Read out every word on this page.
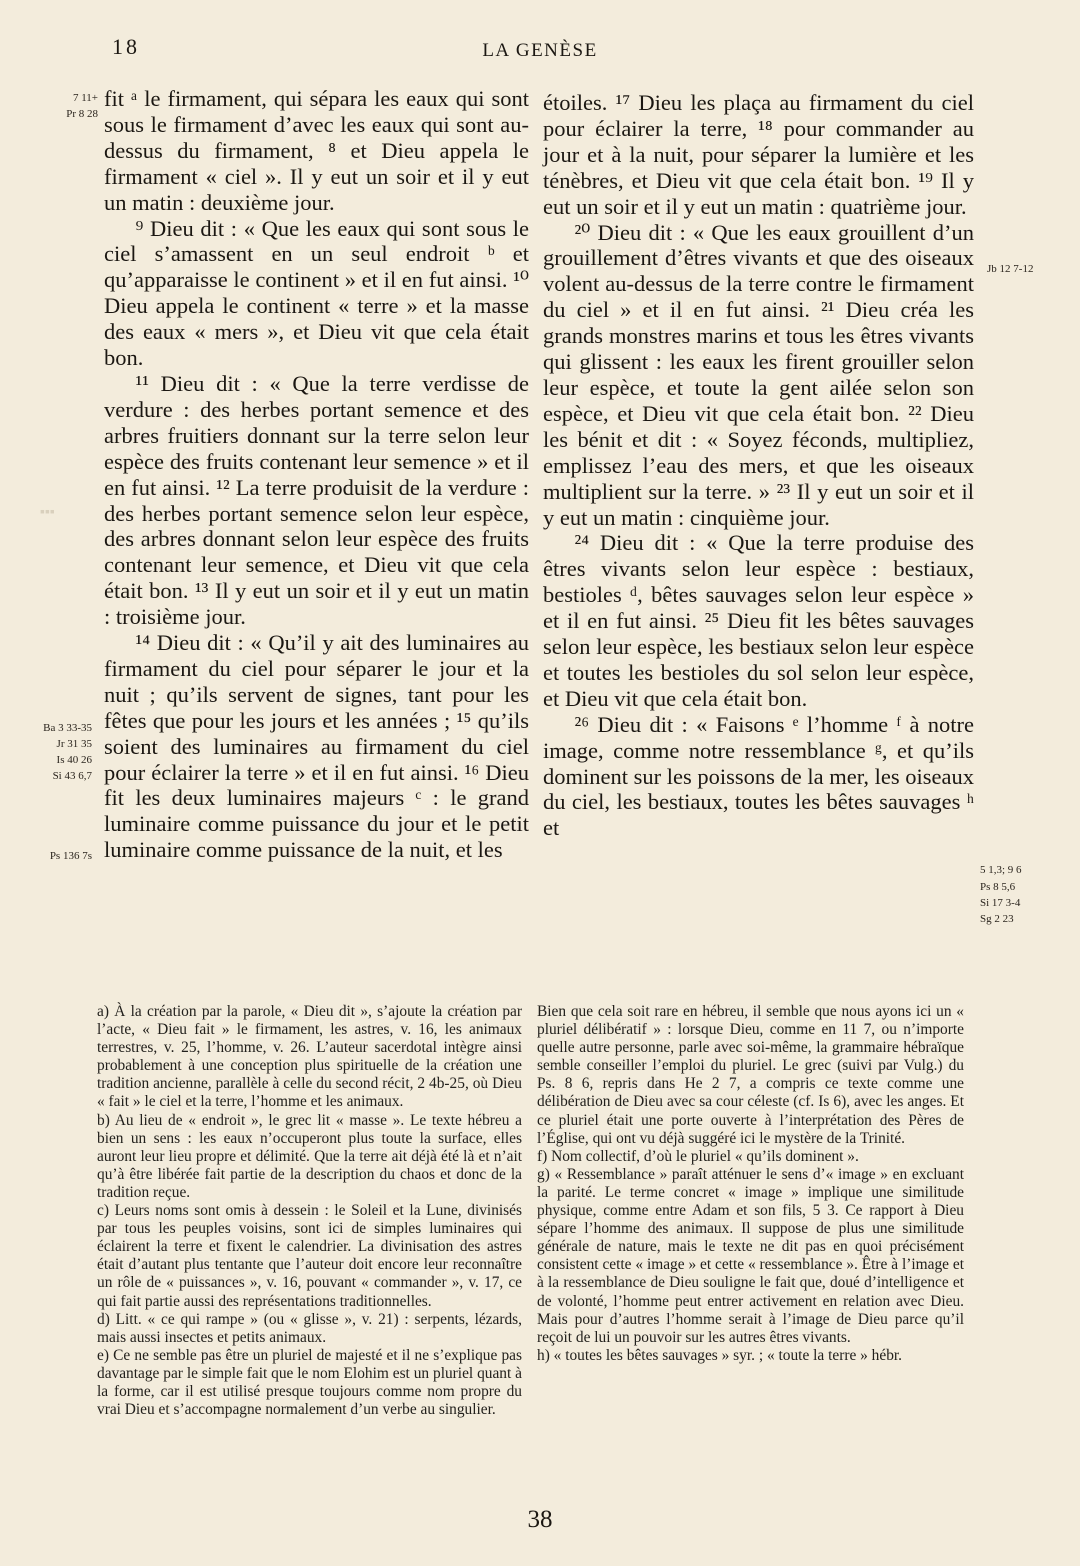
18	LA GENÈSE
▪▪▪
7 11+
Pr 8 28
Ba 3 33-35
Jr 31 35
Is 40 26
Si 43 6,7
Ps 136 7s
Jb 12 7-12
5 1,3; 9 6
Ps 8 5,6
Si 17 3-4
Sg 2 23

fit ᵃ le firmament, qui sépara les eaux qui sont sous le firmament d’avec les eaux qui sont au-dessus du firmament, ⁸ et Dieu appela le firmament « ciel ». Il y eut un soir et il y eut un matin : deuxième jour.

⁹ Dieu dit : « Que les eaux qui sont sous le ciel s’amassent en un seul endroit ᵇ et qu’apparaisse le continent » et il en fut ainsi. ¹⁰ Dieu appela le continent « terre » et la masse des eaux « mers », et Dieu vit que cela était bon.

¹¹ Dieu dit : « Que la terre verdisse de verdure : des herbes portant semence et des arbres fruitiers donnant sur la terre selon leur espèce des fruits contenant leur semence » et il en fut ainsi. ¹² La terre produisit de la verdure : des herbes portant semence selon leur espèce, des arbres donnant selon leur espèce des fruits contenant leur semence, et Dieu vit que cela était bon. ¹³ Il y eut un soir et il y eut un matin : troisième jour.

¹⁴ Dieu dit : « Qu’il y ait des luminaires au firmament du ciel pour séparer le jour et la nuit ; qu’ils servent de signes, tant pour les fêtes que pour les jours et les années ; ¹⁵ qu’ils soient des luminaires au firmament du ciel pour éclairer la terre » et il en fut ainsi. ¹⁶ Dieu fit les deux luminaires majeurs ᶜ : le grand luminaire comme puissance du jour et le petit luminaire comme puissance de la nuit, et les

étoiles. ¹⁷ Dieu les plaça au firmament du ciel pour éclairer la terre, ¹⁸ pour commander au jour et à la nuit, pour séparer la lumière et les ténèbres, et Dieu vit que cela était bon. ¹⁹ Il y eut un soir et il y eut un matin : quatrième jour.

²⁰ Dieu dit : « Que les eaux grouillent d’un grouillement d’êtres vivants et que des oiseaux volent au-dessus de la terre contre le firmament du ciel » et il en fut ainsi. ²¹ Dieu créa les grands monstres marins et tous les êtres vivants qui glissent : les eaux les firent grouiller selon leur espèce, et toute la gent ailée selon son espèce, et Dieu vit que cela était bon. ²² Dieu les bénit et dit : « Soyez féconds, multipliez, emplissez l’eau des mers, et que les oiseaux multiplient sur la terre. » ²³ Il y eut un soir et il y eut un matin : cinquième jour.

²⁴ Dieu dit : « Que la terre produise des êtres vivants selon leur espèce : bestiaux, bestioles ᵈ, bêtes sauvages selon leur espèce » et il en fut ainsi. ²⁵ Dieu fit les bêtes sauvages selon leur espèce, les bestiaux selon leur espèce et toutes les bestioles du sol selon leur espèce, et Dieu vit que cela était bon.

²⁶ Dieu dit : « Faisons ᵉ l’homme ᶠ à notre image, comme notre ressemblance ᵍ, et qu’ils dominent sur les poissons de la mer, les oiseaux du ciel, les bestiaux, toutes les bêtes sauvages ʰ et

a) À la création par la parole, « Dieu dit », s’ajoute la création par l’acte, « Dieu fait » le firmament, les astres, v. 16, les animaux terrestres, v. 25, l’homme, v. 26. L’auteur sacerdotal intègre ainsi probablement à une conception plus spirituelle de la création une tradition ancienne, parallèle à celle du second récit, 2 4b-25, où Dieu « fait » le ciel et la terre, l’homme et les animaux.

b) Au lieu de « endroit », le grec lit « masse ». Le texte hébreu a bien un sens : les eaux n’occuperont plus toute la surface, elles auront leur lieu propre et délimité. Que la terre ait déjà été là et n’ait qu’à être libérée fait partie de la description du chaos et donc de la tradition reçue.

c) Leurs noms sont omis à dessein : le Soleil et la Lune, divinisés par tous les peuples voisins, sont ici de simples luminaires qui éclairent la terre et fixent le calendrier. La divinisation des astres était d’autant plus tentante que l’auteur doit encore leur reconnaître un rôle de « puissances », v. 16, pouvant « commander », v. 17, ce qui fait partie aussi des représentations traditionnelles.

d) Litt. « ce qui rampe » (ou « glisse », v. 21) : serpents, lézards, mais aussi insectes et petits animaux.

e) Ce ne semble pas être un pluriel de majesté et il ne s’explique pas davantage par le simple fait que le nom Elohim est un pluriel quant à la forme, car il est utilisé presque toujours comme nom propre du vrai Dieu et s’accompagne normalement d’un verbe au singulier.

Bien que cela soit rare en hébreu, il semble que nous ayons ici un « pluriel délibératif » : lorsque Dieu, comme en 11 7, ou n’importe quelle autre personne, parle avec soi-même, la grammaire hébraïque semble conseiller l’emploi du pluriel. Le grec (suivi par Vulg.) du Ps. 8 6, repris dans He 2 7, a compris ce texte comme une délibération de Dieu avec sa cour céleste (cf. Is 6), avec les anges. Et ce pluriel était une porte ouverte à l’interprétation des Pères de l’Église, qui ont vu déjà suggéré ici le mystère de la Trinité.

f) Nom collectif, d’où le pluriel « qu’ils dominent ».

g) « Ressemblance » paraît atténuer le sens d’« image » en excluant la parité. Le terme concret « image » implique une similitude physique, comme entre Adam et son fils, 5 3. Ce rapport à Dieu sépare l’homme des animaux. Il suppose de plus une similitude générale de nature, mais le texte ne dit pas en quoi précisément consistent cette « image » et cette « ressemblance ». Être à l’image et à la ressemblance de Dieu souligne le fait que, doué d’intelligence et de volonté, l’homme peut entrer activement en relation avec Dieu. Mais pour d’autres l’homme serait à l’image de Dieu parce qu’il reçoit de lui un pouvoir sur les autres êtres vivants.

h) « toutes les bêtes sauvages » syr. ; « toute la terre » hébr.

38
